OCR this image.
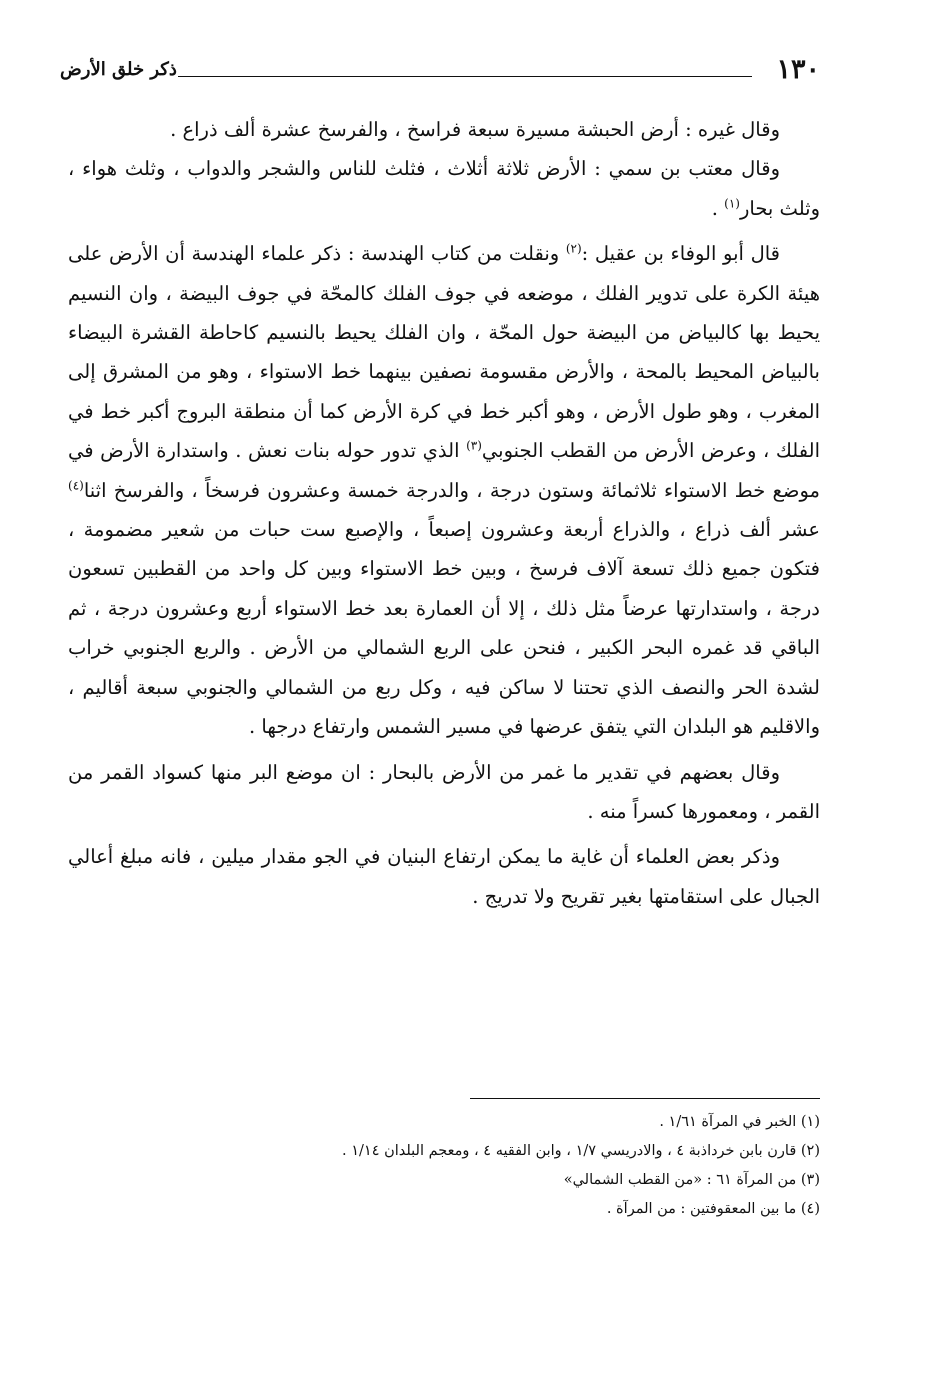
١٣٠
ذكر خلق الأرض

وقال غيره : أرض الحبشة مسيرة سبعة فراسخ ، والفرسخ عشرة ألف ذراع .

وقال معتب بن سمي : الأرض ثلاثة أثلاث ، فثلث للناس والشجر والدواب ، وثلث هواء ، وثلث بحار$^{(١)}$ .

قال أبو الوفاء بن عقيل :$^{(٢)}$ ونقلت من كتاب الهندسة : ذكر علماء الهندسة أن الأرض على هيئة الكرة على تدوير الفلك ، موضعه في جوف الفلك كالمحّة في جوف البيضة ، وان النسيم يحيط بها كالبياض من البيضة حول المحّة ، وان الفلك يحيط بالنسيم كاحاطة القشرة البيضاء بالبياض المحيط بالمحة ، والأرض مقسومة نصفين بينهما خط الاستواء ، وهو من المشرق إلى المغرب ، وهو طول الأرض ، وهو أكبر خط في كرة الأرض كما أن منطقة البروج أكبر خط في الفلك ، وعرض الأرض من القطب الجنوبي$^{(٣)}$ الذي تدور حوله بنات نعش . واستدارة الأرض في موضع خط الاستواء ثلاثمائة وستون درجة ، والدرجة خمسة وعشرون فرسخاً ، والفرسخ اثنا$^{(٤)}$ عشر ألف ذراع ، والذراع أربعة وعشرون إصبعاً ، والإصبع ست حبات من شعير مضمومة ، فتكون جميع ذلك تسعة آلاف فرسخ ، وبين خط الاستواء وبين كل واحد من القطبين تسعون درجة ، واستدارتها عرضاً مثل ذلك ، إلا أن العمارة بعد خط الاستواء أربع وعشرون درجة ، ثم الباقي قد غمره البحر الكبير ، فنحن على الربع الشمالي من الأرض . والربع الجنوبي خراب لشدة الحر والنصف الذي تحتنا لا ساكن فيه ، وكل ربع من الشمالي والجنوبي سبعة أقاليم ، والاقليم هو البلدان التي يتفق عرضها في مسير الشمس وارتفاع درجها .

وقال بعضهم في تقدير ما غمر من الأرض بالبحار : ان موضع البر منها كسواد القمر من القمر ، ومعمورها كسراً منه .

وذكر بعض العلماء أن غاية ما يمكن ارتفاع البنيان في الجو مقدار ميلين ، فانه مبلغ أعالي الجبال على استقامتها بغير تقريح ولا تدريج .

(١) الخبر في المرآة ١/٦١ .

(٢) قارن بابن خرداذبة ٤ ، والادريسي ١/٧ ، وابن الفقيه ٤ ، ومعجم البلدان ١/١٤ .

(٣) من المرآة ٦١ : «من القطب الشمالي»

(٤) ما بين المعقوفتين : من المرآة .
